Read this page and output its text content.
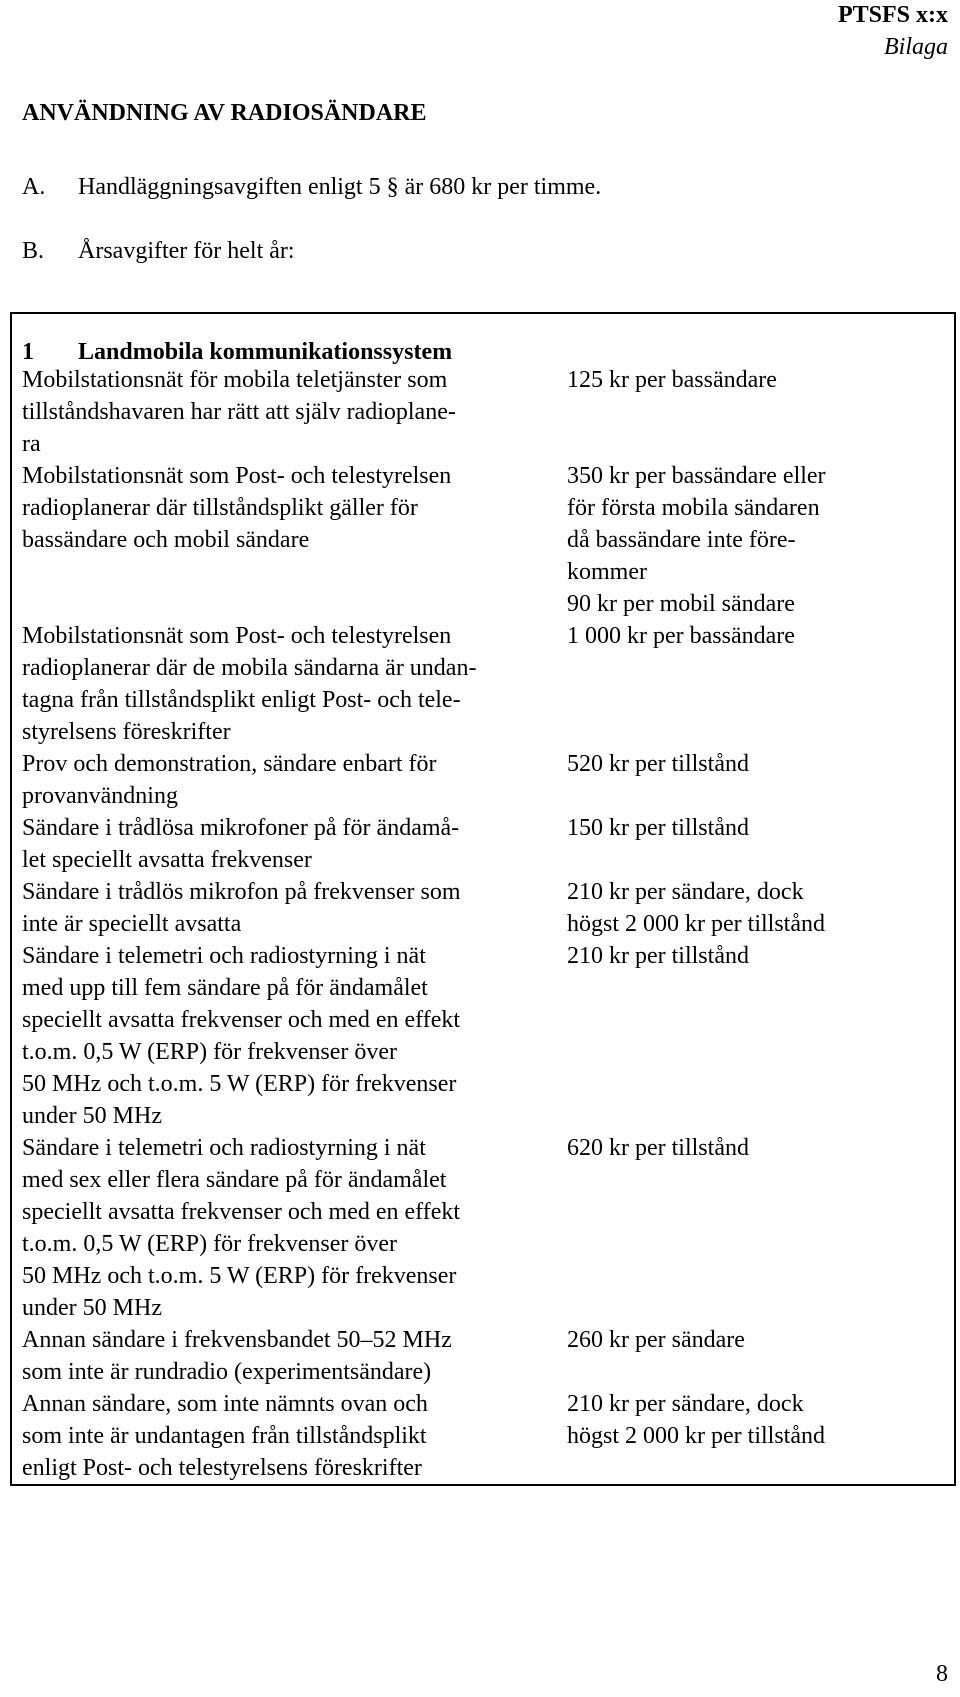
PTSFS x:x
Bilaga
ANVÄNDNING AV RADIOSÄNDARE
A. Handläggningsavgiften enligt 5 § är 680 kr per timme.
B. Årsavgifter för helt år:
1 Landmobila kommunikationssystem
Mobilstationsnät för mobila teletjänster som
tillståndshavaren har rätt att själv radioplane-
ra
125 kr per bassändare
Mobilstationsnät som Post- och telestyrelsen
radioplanerar där tillståndsplikt gäller för
bassändare och mobil sändare

350 kr per bassändare eller
för första mobila sändaren
då bassändare inte före-
kommer
90 kr per mobil sändare
Mobilstationsnät som Post- och telestyrelsen
radioplanerar där de mobila sändarna är undan-
tagna från tillståndsplikt enligt Post- och tele-
styrelsens föreskrifter
1 000 kr per bassändare
Prov och demonstration, sändare enbart för
provanvändning
520 kr per tillstånd
Sändare i trådlösa mikrofoner på för ändamå-
let speciellt avsatta frekvenser
150 kr per tillstånd
Sändare i trådlös mikrofon på frekvenser som
inte är speciellt avsatta
210 kr per sändare, dock
högst 2 000 kr per tillstånd
Sändare i telemetri och radiostyrning i nät
med upp till fem sändare på för ändamålet
speciellt avsatta frekvenser och med en effekt
t.o.m. 0,5 W (ERP) för frekvenser över
50 MHz och t.o.m. 5 W (ERP) för frekvenser
under 50 MHz
210 kr per tillstånd
Sändare i telemetri och radiostyrning i nät
med sex eller flera sändare på för ändamålet
speciellt avsatta frekvenser och med en effekt
t.o.m. 0,5 W (ERP) för frekvenser över
50 MHz och t.o.m. 5 W (ERP) för frekvenser
under 50 MHz
620 kr per tillstånd
Annan sändare i frekvensbandet 50–52 MHz
som inte är rundradio (experimentsändare)
260 kr per sändare
Annan sändare, som inte nämnts ovan och
som inte är undantagen från tillståndsplikt
enligt Post- och telestyrelsens föreskrifter
210 kr per sändare, dock
högst 2 000 kr per tillstånd
8
